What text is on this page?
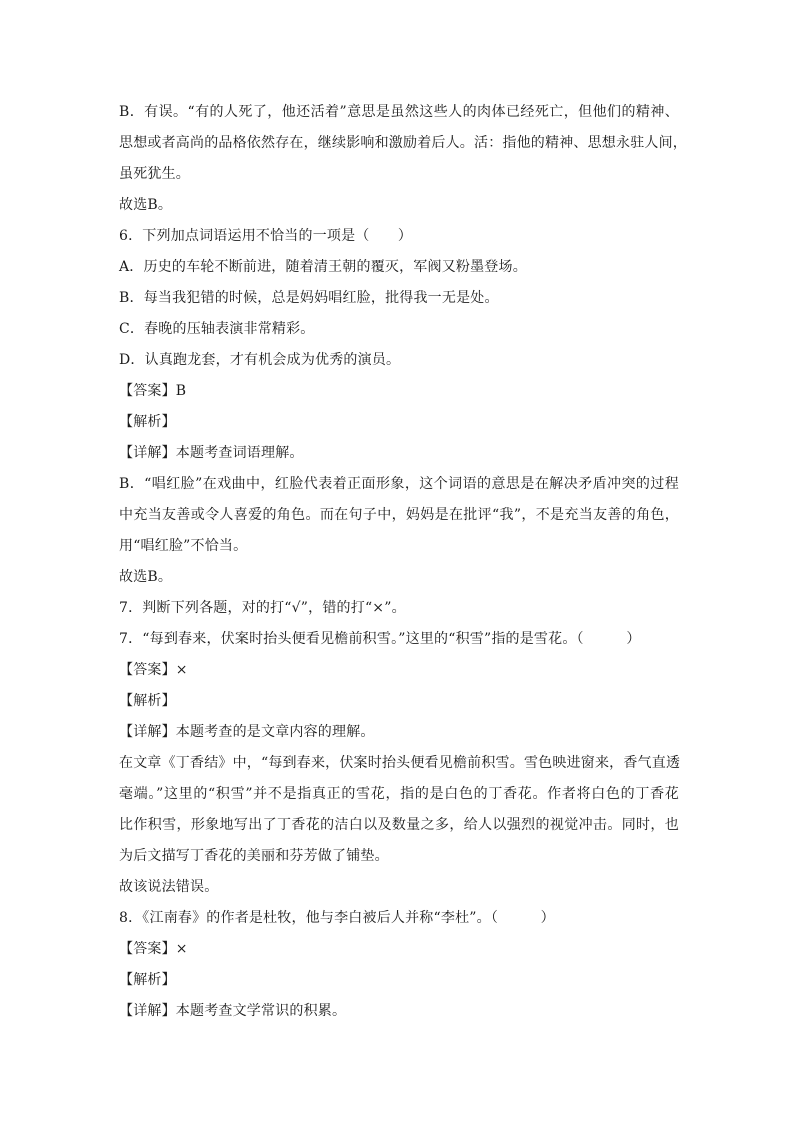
B．有误。“有的人死了，他还活着”意思是虽然这些人的肉体已经死亡，但他们的精神、
思想或者高尚的品格依然存在，继续影响和激励着后人。活：指他的精神、思想永驻人间，
虽死犹生。
故选B。
6．下列加点词语运用不恰当的一项是（　　）
A．历史的车轮不断前进，随着清王朝的覆灭，军阀又粉墨登场。
B．每当我犯错的时候，总是妈妈唱红脸，批得我一无是处。
C．春晚的压轴表演非常精彩。
D．认真跑龙套，才有机会成为优秀的演员。
【答案】B
【解析】
【详解】本题考查词语理解。
B．“唱红脸”在戏曲中，红脸代表着正面形象，这个词语的意思是在解决矛盾冲突的过程
中充当友善或令人喜爱的角色。而在句子中，妈妈是在批评“我”，不是充当友善的角色，
用“唱红脸”不恰当。
故选B。
7．判断下列各题，对的打“√”，错的打“×”。
7．“每到春来，伏案时抬头便看见檐前积雪。”这里的“积雪”指的是雪花。（　　　）
【答案】×
【解析】
【详解】本题考查的是文章内容的理解。
在文章《丁香结》中，“每到春来，伏案时抬头便看见檐前积雪。雪色映进窗来，香气直透
毫端。”这里的“积雪”并不是指真正的雪花，指的是白色的丁香花。作者将白色的丁香花
比作积雪，形象地写出了丁香花的洁白以及数量之多，给人以强烈的视觉冲击。同时，也
为后文描写丁香花的美丽和芬芳做了铺垫。
故该说法错误。
8．《江南春》的作者是杜牧，他与李白被后人并称“李杜”。（　　　）
【答案】×
【解析】
【详解】本题考查文学常识的积累。
